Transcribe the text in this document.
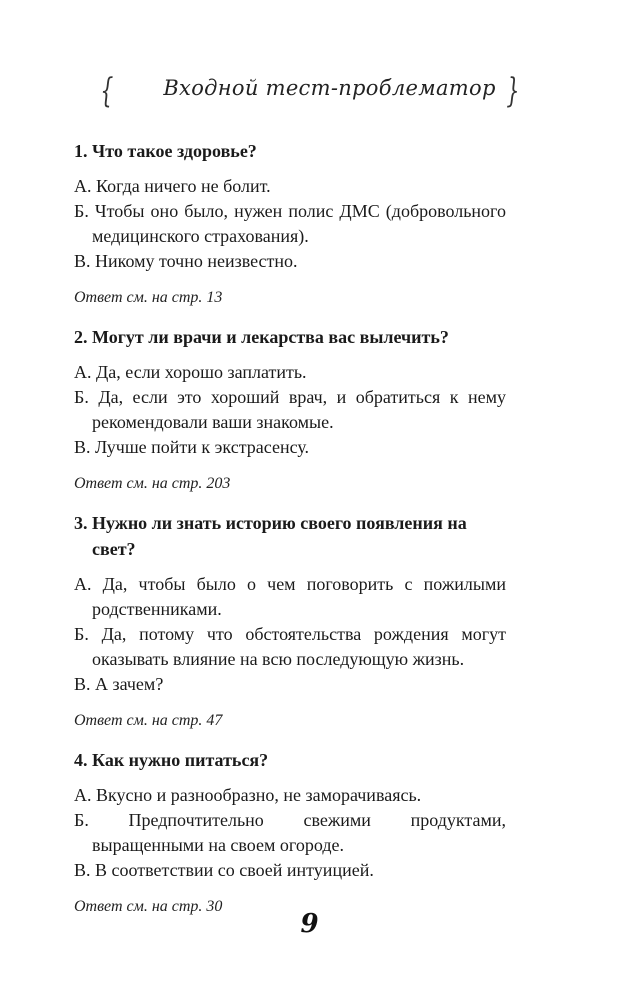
{ Входной тест-проблематор }

1. Что такое здоровье?

А. Когда ничего не болит.

Б. Чтобы оно было, нужен полис ДМС (добровольного медицинского страхования).

В. Никому точно неизвестно.

Ответ см. на стр. 13

2. Могут ли врачи и лекарства вас вылечить?

А. Да, если хорошо заплатить.

Б. Да, если это хороший врач, и обратиться к нему рекомендовали ваши знакомые.

В. Лучше пойти к экстрасенсу.

Ответ см. на стр. 203

3. Нужно ли знать историю своего появления на свет?

А. Да, чтобы было о чем поговорить с пожилыми родственниками.

Б. Да, потому что обстоятельства рождения могут оказывать влияние на всю последующую жизнь.

В. А зачем?

Ответ см. на стр. 47

4. Как нужно питаться?

А. Вкусно и разнообразно, не заморачиваясь.

Б. Предпочтительно свежими продуктами, выращенными на своем огороде.

В. В соответствии со своей интуицией.

Ответ см. на стр. 30

9
